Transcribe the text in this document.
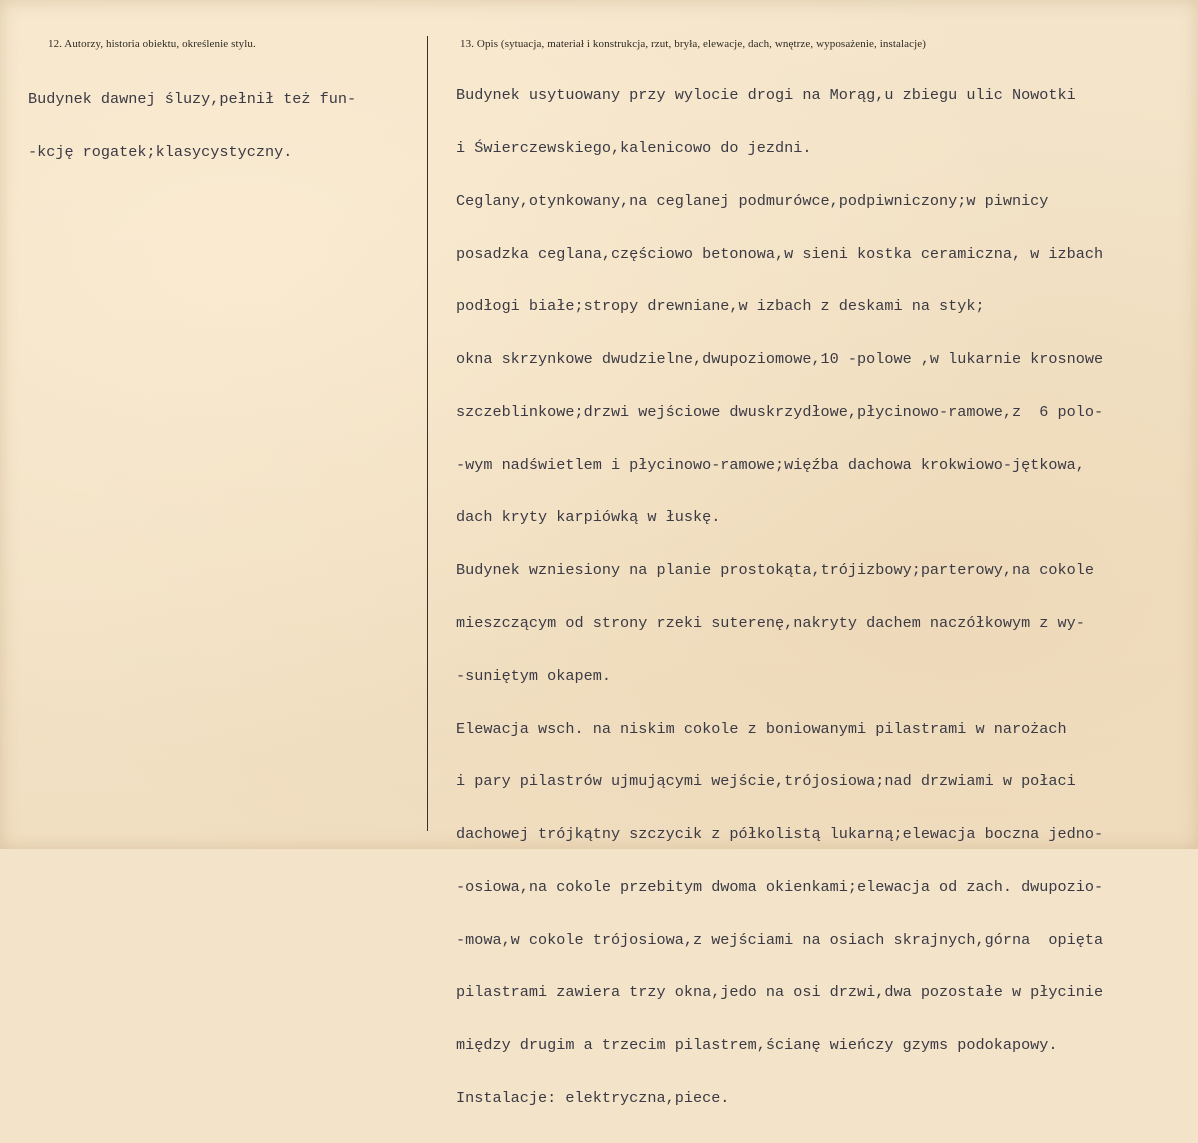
12. Autorzy, historia obiektu, określenie stylu.

Budynek dawnej śluzy,pełnił też fun-

-kcję rogatek;klasycystyczny.

13. Opis (sytuacja, materiał i konstrukcja, rzut, bryła, elewacje, dach, wnętrze, wyposażenie, instalacje)

Budynek usytuowany przy wylocie drogi na Morąg,u zbiegu ulic Nowotki

i Świerczewskiego,kalenicowo do jezdni.

Ceglany,otynkowany,na ceglanej podmurówce,podpiwniczony;w piwnicy

posadzka ceglana,częściowo betonowa,w sieni kostka ceramiczna, w izbach

podłogi białe;stropy drewniane,w izbach z deskami na styk;

okna skrzynkowe dwudzielne,dwupoziomowe,10 -polowe ,w lukarnie krosnowe

szczeblinkowe;drzwi wejściowe dwuskrzydłowe,płycinowo-ramowe,z  6 polo-

-wym nadświetlem i płycinowo-ramowe;więźba dachowa krokwiowo-jętkowa,

dach kryty karpiówką w łuskę.

Budynek wzniesiony na planie prostokąta,trójizbowy;parterowy,na cokole

mieszczącym od strony rzeki suterenę,nakryty dachem naczółkowym z wy-

-suniętym okapem.

Elewacja wsch. na niskim cokole z boniowanymi pilastrami w narożach

i pary pilastrów ujmującymi wejście,trójosiowa;nad drzwiami w połaci

dachowej trójkątny szczycik z półkolistą lukarną;elewacja boczna jedno-

-osiowa,na cokole przebitym dwoma okienkami;elewacja od zach. dwupozio-

-mowa,w cokole trójosiowa,z wejściami na osiach skrajnych,górna  opięta

pilastrami zawiera trzy okna,jedo na osi drzwi,dwa pozostałe w płycinie

między drugim a trzecim pilastrem,ścianę wieńczy gzyms podokapowy.

Instalacje: elektryczna,piece.
